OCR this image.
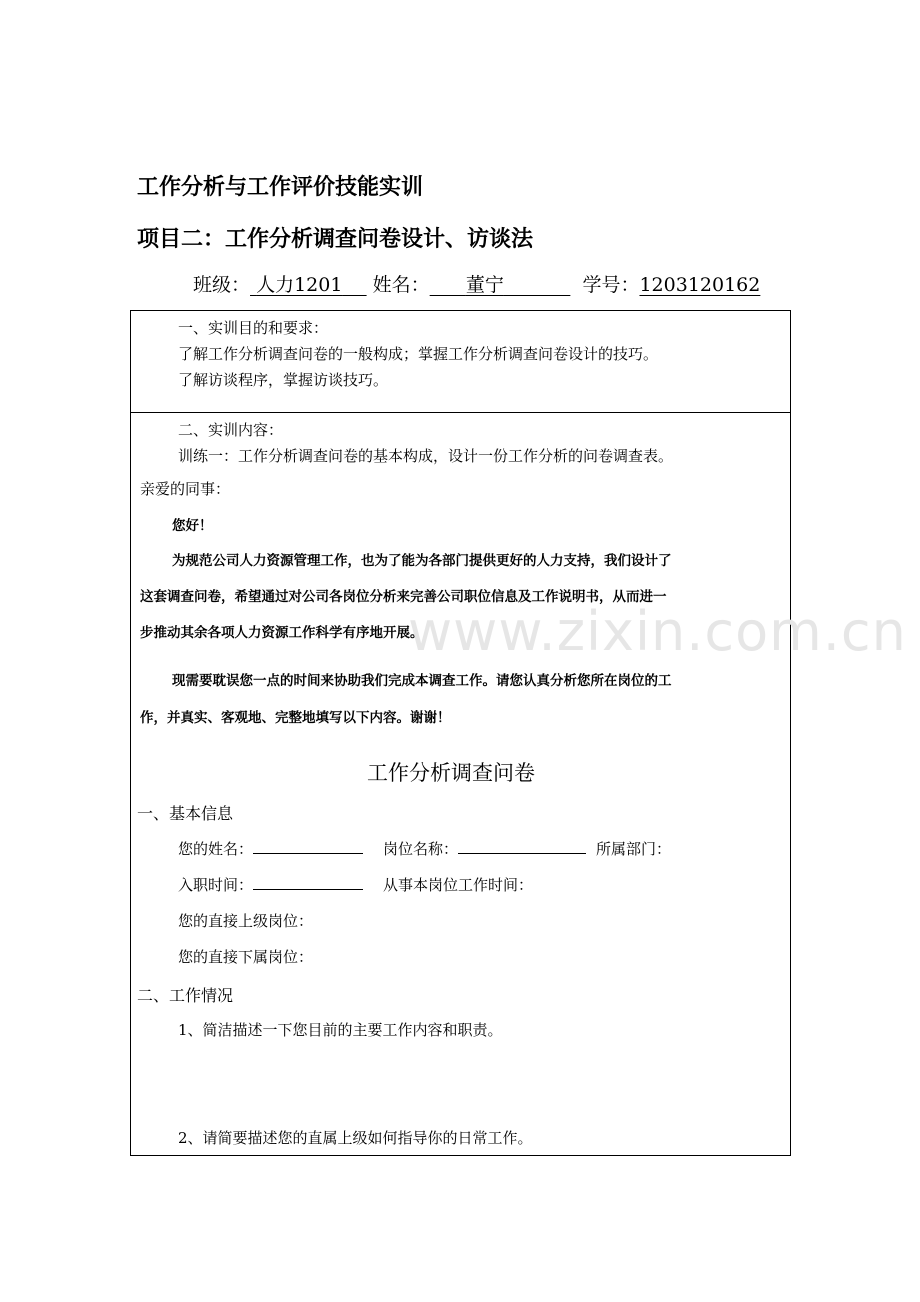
工作分析与工作评价技能实训
项目二：工作分析调查问卷设计、访谈法
班级： 人力1201 姓名： 董宁	学号：1203120162
一、实训目的和要求：
了解工作分析调查问卷的一般构成；掌握工作分析调查问卷设计的技巧。
了解访谈程序，掌握访谈技巧。
二、实训内容：
训练一：工作分析调查问卷的基本构成，设计一份工作分析的问卷调查表。
亲爱的同事：
您好！
为规范公司人力资源管理工作，也为了能为各部门提供更好的人力支持，我们设计了
这套调查问卷，希望通过对公司各岗位分析来完善公司职位信息及工作说明书，从而进一
步推动其余各项人力资源工作科学有序地开展。
现需要耽误您一点的时间来协助我们完成本调查工作。请您认真分析您所在岗位的工
作，并真实、客观地、完整地填写以下内容。谢谢！
www.zixin.com.cn
工作分析调查问卷
一、基本信息
您的姓名：	岗位名称：	所属部门：
入职时间：	从事本岗位工作时间：
您的直接上级岗位：
您的直接下属岗位：
二、工作情况
1、简洁描述一下您目前的主要工作内容和职责。
2、请简要描述您的直属上级如何指导你的日常工作。
